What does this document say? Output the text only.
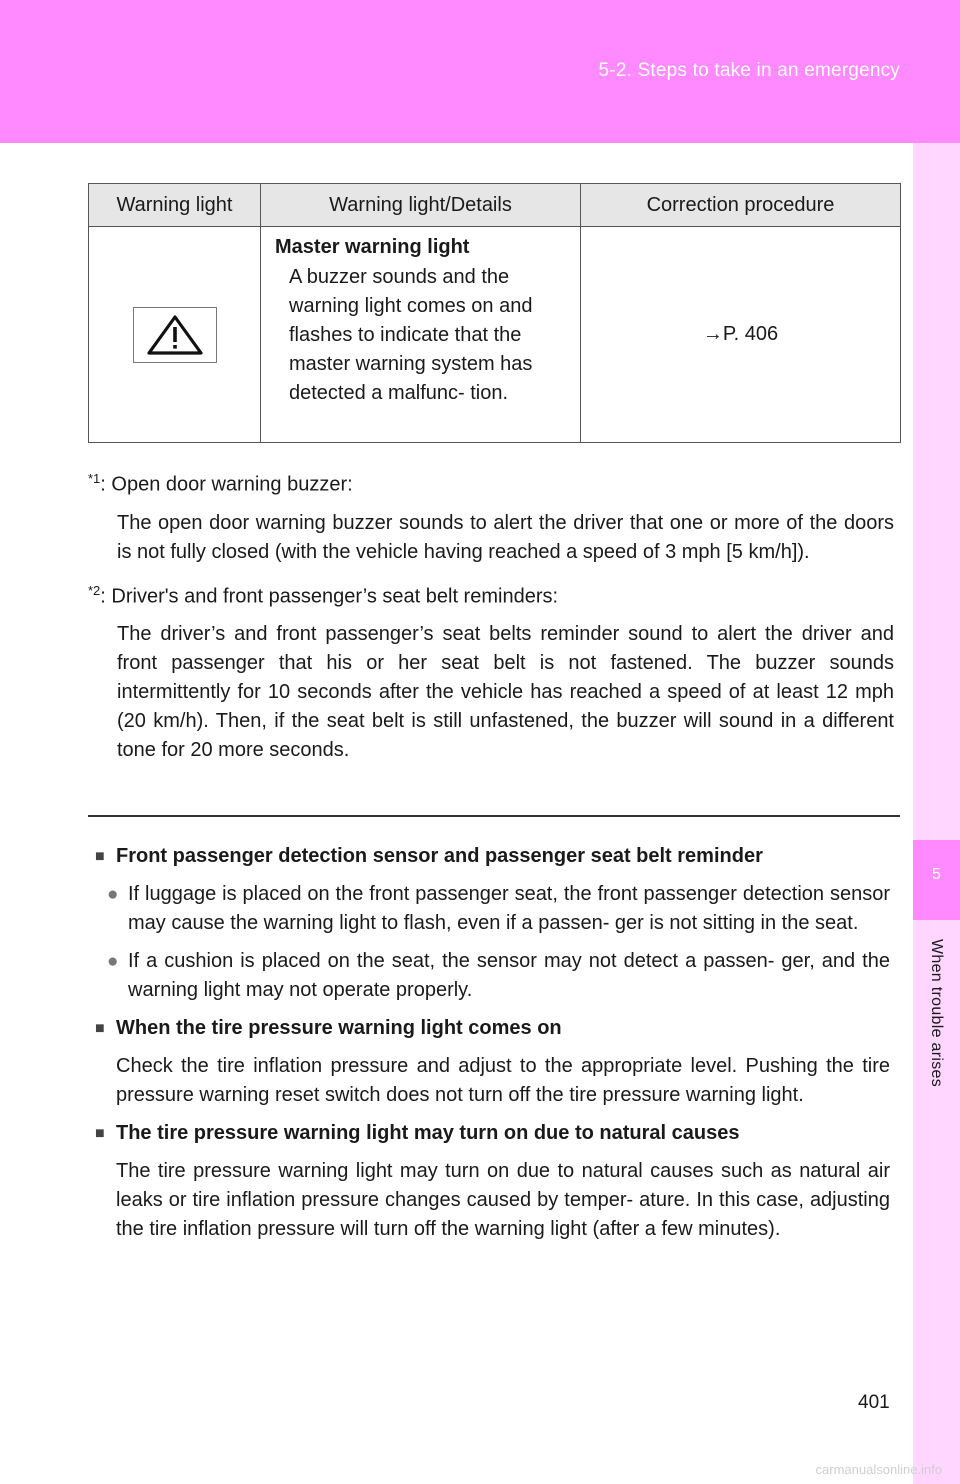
5-2. Steps to take in an emergency
5
When trouble arises
Warning light	Warning light/Details	Correction procedure

Master warning light
A buzzer sounds and the warning light comes on and flashes to indicate that the master warning system has detected a malfunc- tion.	→P. 406
$^{*1}$: Open door warning buzzer:
The open door warning buzzer sounds to alert the driver that one or more of the doors is not fully closed (with the vehicle having reached a speed of 3 mph [5 km/h]).
$^{*2}$: Driver's and front passenger’s seat belt reminders:
The driver’s and front passenger’s seat belts reminder sound to alert the driver and front passenger that his or her seat belt is not fastened. The buzzer sounds intermittently for 10 seconds after the vehicle has reached a speed of at least 12 mph (20 km/h). Then, if the seat belt is still unfastened, the buzzer will sound in a different tone for 20 more seconds.
■ Front passenger detection sensor and passenger seat belt reminder
● If luggage is placed on the front passenger seat, the front passenger detection sensor may cause the warning light to flash, even if a passen- ger is not sitting in the seat.
● If a cushion is placed on the seat, the sensor may not detect a passen- ger, and the warning light may not operate properly.
■ When the tire pressure warning light comes on
Check the tire inflation pressure and adjust to the appropriate level. Pushing the tire pressure warning reset switch does not turn off the tire pressure warning light.
■ The tire pressure warning light may turn on due to natural causes
The tire pressure warning light may turn on due to natural causes such as natural air leaks or tire inflation pressure changes caused by temper- ature. In this case, adjusting the tire inflation pressure will turn off the warning light (after a few minutes).
401
carmanualsonline.info
